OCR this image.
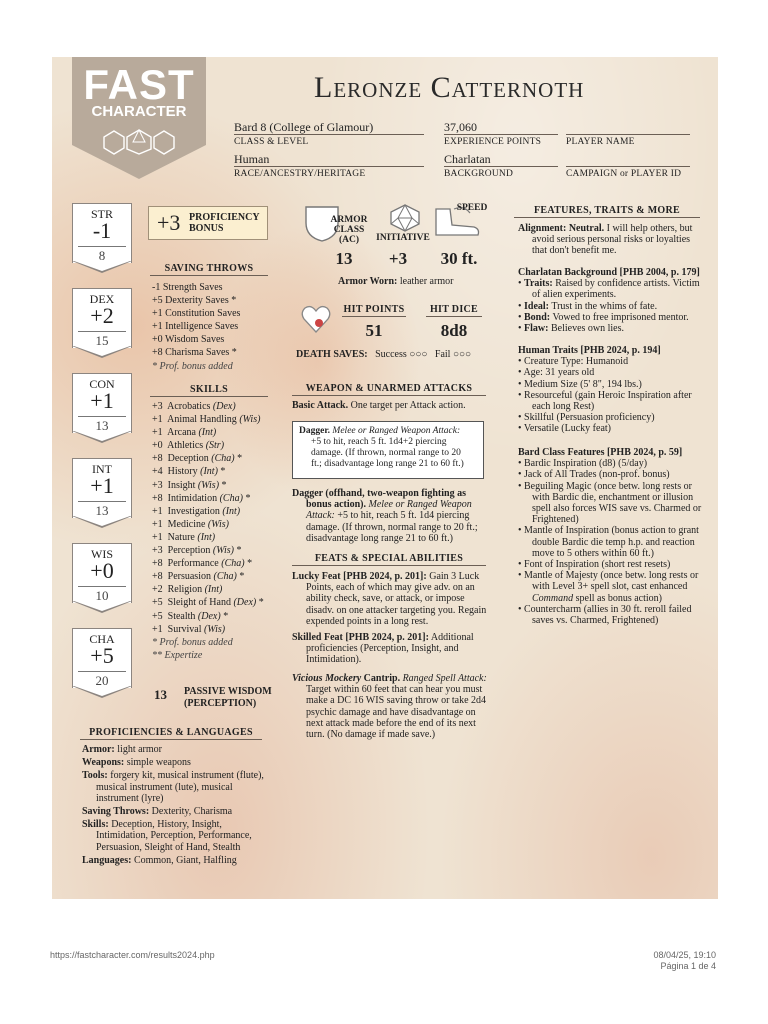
FAST
CHARACTER
Leronze Catternoth
Bard 8 (College of Glamour)
CLASS & LEVEL
37,060
EXPERIENCE POINTS	PLAYER NAME
Human
RACE/ANCESTRY/HERITAGE
Charlatan
BACKGROUND	CAMPAIGN or PLAYER ID
STR
-1
8
DEX
+2
15
CON
+1
13
INT
+1
13
WIS
+0
10
CHA
+5
20
+3 PROFICIENCY
BONUS
SAVING THROWS
-1 Strength Saves
+5 Dexterity Saves *
+1 Constitution Saves
+1 Intelligence Saves
+0 Wisdom Saves
+8 Charisma Saves *
* Prof. bonus added
SKILLS
+3 Acrobatics (Dex)
+1 Animal Handling (Wis)
+1 Arcana (Int)
+0 Athletics (Str)
+8 Deception (Cha) *
+4 History (Int) *
+3 Insight (Wis) *
+8 Intimidation (Cha) *
+1 Investigation (Int)
+1 Medicine (Wis)
+1 Nature (Int)
+3 Perception (Wis) *
+8 Performance (Cha) *
+8 Persuasion (Cha) *
+2 Religion (Int)
+5 Sleight of Hand (Dex) *
+5 Stealth (Dex) *
+1 Survival (Wis)
* Prof. bonus added
** Expertize
13 PASSIVE WISDOM
(PERCEPTION)
PROFICIENCIES & LANGUAGES
Armor: light armor
Weapons: simple weapons
Tools: forgery kit, musical instrument (flute),
musical instrument (lute), musical
instrument (lyre)
Saving Throws: Dexterity, Charisma
Skills: Deception, History, Insight,
Intimidation, Perception, Performance,
Persuasion, Sleight of Hand, Stealth
Languages: Common, Giant, Halfling
ARMOR
CLASS
(AC)	INITIATIVE
SPEED
13	+3	30 ft.
Armor Worn: leather armor
HIT POINTS	HIT DICE
51	8d8
DEATH SAVES: Success ○○○ Fail ○○○
WEAPON & UNARMED ATTACKS
Basic Attack. One target per Attack action.
Dagger. Melee or Ranged Weapon Attack:
+5 to hit, reach 5 ft. 1d4+2 piercing
damage. (If thrown, normal range to 20
ft.; disadvantage long range 21 to 60 ft.)
Dagger (offhand, two-weapon fighting as
bonus action). Melee or Ranged Weapon
Attack: +5 to hit, reach 5 ft. 1d4 piercing
damage. (If thrown, normal range to 20 ft.;
disadvantage long range 21 to 60 ft.)
FEATS & SPECIAL ABILITIES
Lucky Feat [PHB 2024, p. 201]: Gain 3 Luck
Points, each of which may give adv. on an
ability check, save, or attack, or impose
disadv. on one attacker targeting you. Regain
expended points in a long rest.
Skilled Feat [PHB 2024, p. 201]: Additional
proficiencies (Perception, Insight, and
Intimidation).
Vicious Mockery Cantrip. Ranged Spell Attack:
Target within 60 feet that can hear you must
make a DC 16 WIS saving throw or take 2d4
psychic damage and have disadvantage on
next attack made before the end of its next
turn. (No damage if made save.)
FEATURES, TRAITS & MORE
Alignment: Neutral. I will help others, but
avoid serious personal risks or loyalties
that don't benefit me.
Charlatan Background [PHB 2004, p. 179]
• Traits: Raised by confidence artists. Victim
of alien experiments.
• Ideal: Trust in the whims of fate.
• Bond: Vowed to free imprisoned mentor.
• Flaw: Believes own lies.
Human Traits [PHB 2024, p. 194]
• Creature Type: Humanoid
• Age: 31 years old
• Medium Size (5' 8", 194 lbs.)
• Resourceful (gain Heroic Inspiration after
each long Rest)
• Skillful (Persuasion proficiency)
• Versatile (Lucky feat)
Bard Class Features [PHB 2024, p. 59]
• Bardic Inspiration (d8) (5/day)
• Jack of All Trades (non-prof. bonus)
• Beguiling Magic (once betw. long rests or
with Bardic die, enchantment or illusion
spell also forces WIS save vs. Charmed or
Frightened)
• Mantle of Inspiration (bonus action to grant
double Bardic die temp h.p. and reaction
move to 5 others within 60 ft.)
• Font of Inspiration (short rest resets)
• Mantle of Majesty (once betw. long rests or
with Level 3+ spell slot, cast enhanced
Command spell as bonus action)
• Countercharm (allies in 30 ft. reroll failed
saves vs. Charmed, Frightened)
https://fastcharacter.com/results2024.php	08/04/25, 19:10
Página 1 de 4
